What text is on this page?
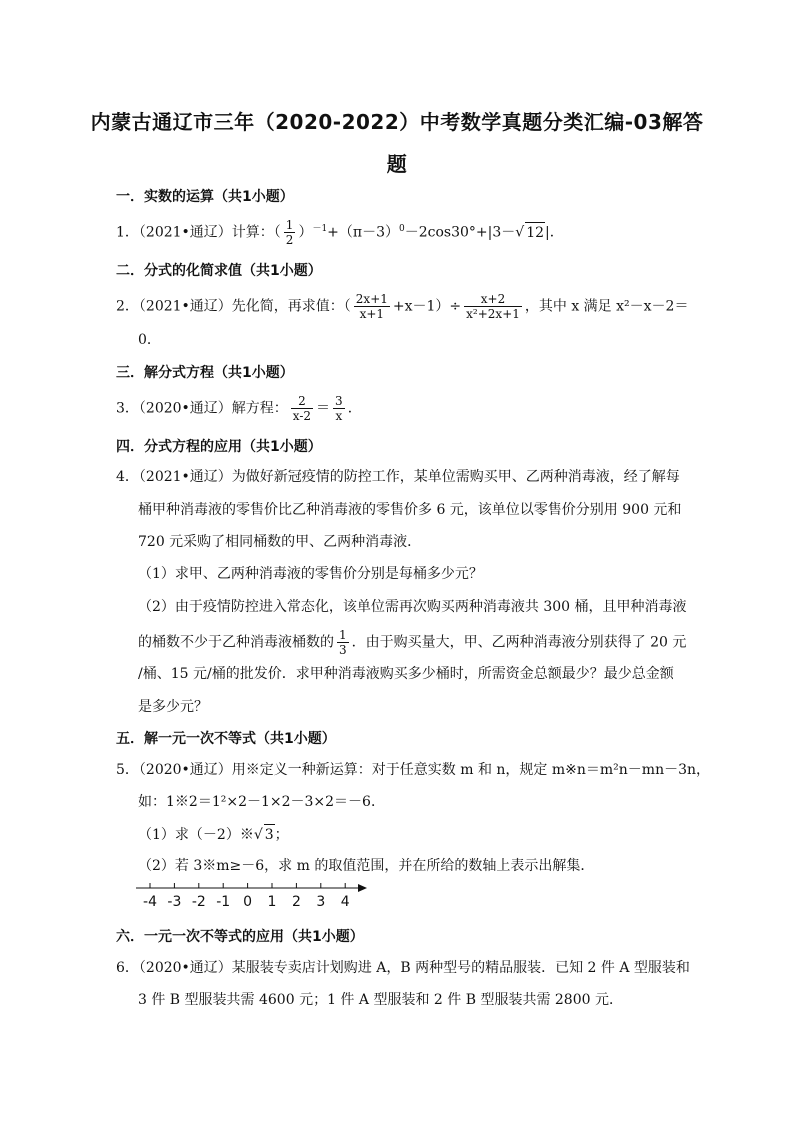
内蒙古通辽市三年（2020-2022）中考数学真题分类汇编-03解答
题
一．实数的运算（共1小题）
1．（2021•通辽）计算：（ $\frac{1}{2} )^{-1}+(\pi-3)^0-2\cos 30^\circ+|3-√$ 12|．
二．分式的化简求值（共1小题）
2．（2021•通辽）先化简，再求值：（ $\frac{2x+1}{x+1} +x-1)\div \frac{x+2}{\text{x²+2x+1}}$ ，其中 x 满足 x²－x－2＝
0．
三．解分式方程（共1小题）
3．（2020•通辽）解方程： $\frac{2}{x-2} = \frac{3}{x}$ ．
四．分式方程的应用（共1小题）
4．（2021•通辽）为做好新冠疫情的防控工作，某单位需购买甲、乙两种消毒液，经了解每
桶甲种消毒液的零售价比乙种消毒液的零售价多 6 元，该单位以零售价分别用 900 元和
720 元采购了相同桶数的甲、乙两种消毒液．
（1）求甲、乙两种消毒液的零售价分别是每桶多少元？
（2）由于疫情防控进入常态化，该单位需再次购买两种消毒液共 300 桶，且甲种消毒液
的桶数不少于乙种消毒液桶数的 $\frac{1}{3}$ ．由于购买量大，甲、乙两种消毒液分别获得了 20 元
/桶、15 元/桶的批发价．求甲种消毒液购买多少桶时，所需资金总额最少？最少总金额
是多少元？
五．解一元一次不等式（共1小题）
5．（2020•通辽）用※定义一种新运算：对于任意实数 m 和 n，规定 m※n＝m²n－mn－3n，
如：1※2＝1²×2－1×2－3×2＝－6．
（1）求（－2）※√ 3；
（2）若 3※m≥－6，求 m 的取值范围，并在所给的数轴上表示出解集．
-4 -3 -2 -1 0 1 2 3 4
六．一元一次不等式的应用（共1小题）
6．（2020•通辽）某服装专卖店计划购进 A，B 两种型号的精品服装．已知 2 件 A 型服装和
3 件 B 型服装共需 4600 元；1 件 A 型服装和 2 件 B 型服装共需 2800 元．
